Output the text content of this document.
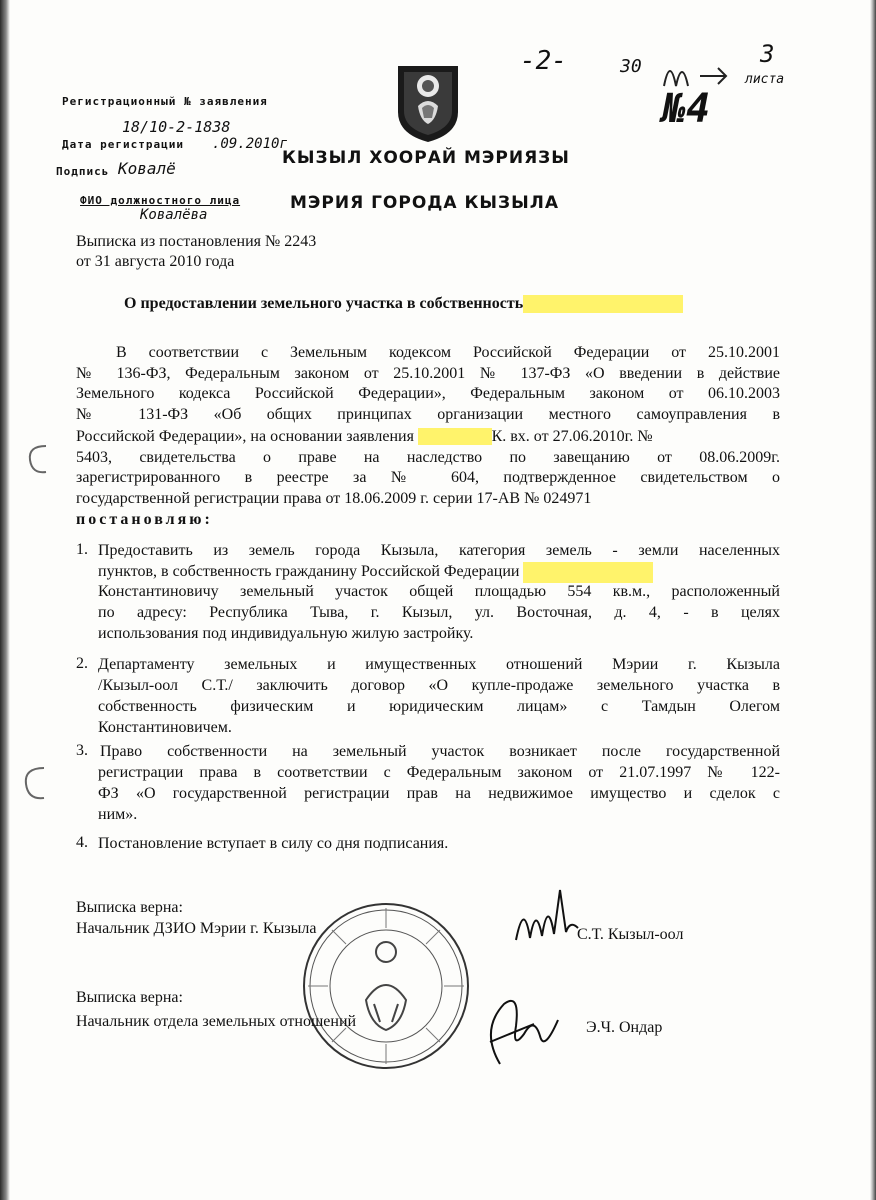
Регистрационный № заявления
18/10-2-1838
Дата регистрации .09.2010г
Подпись Ковалё
ФИО должностного лица
Ковалёва
КЫЗЫЛ ХООРАЙ МЭРИЯЗЫ
МЭРИЯ ГОРОДА КЫЗЫЛА
-2-	30	3
листа
№4
Выписка из постановления № 2243
от 31 августа 2010 года
О предоставлении земельного участка в собственность
В соответствии с Земельным кодексом Российской Федерации от 25.10.2001
№ 136-ФЗ, Федеральным законом от 25.10.2001 № 137-ФЗ «О введении в действие
Земельного кодекса Российской Федерации», Федеральным законом от 06.10.2003
№ 131-ФЗ «Об общих принципах организации местного самоуправления в
Российской Федерации», на основании заявления	К. вх. от 27.06.2010г. №
5403, свидетельства о праве на наследство по завещанию от 08.06.2009г.
зарегистрированного в реестре за № 604, подтвержденное свидетельством о
государственной регистрации права от 18.06.2009 г. серии 17-АВ № 024971
постановляю:
1. Предоставить из земель города Кызыла, категория земель - земли населенных
пунктов, в собственность гражданину Российской Федерации
Константиновичу земельный участок общей площадью 554 кв.м., расположенный
по адресу: Республика Тыва, г. Кызыл, ул. Восточная, д. 4, - в целях
использования под индивидуальную жилую застройку.
2. Департаменту земельных и имущественных отношений Мэрии г. Кызыла
/Кызыл-оол С.Т./ заключить договор «О купле-продаже земельного участка в
собственность физическим и юридическим лицам» с Тамдын Олегом
Константиновичем.
3. Право собственности на земельный участок возникает после государственной
регистрации права в соответствии с Федеральным законом от 21.07.1997 № 122-
ФЗ «О государственной регистрации прав на недвижимое имущество и сделок с
ним».
4. Постановление вступает в силу со дня подписания.
Выписка верна:
Начальник ДЗИО Мэрии г. Кызыла	С.Т. Кызыл-оол
Выписка верна:
Начальник отдела земельных отношений	Э.Ч. Ондар
